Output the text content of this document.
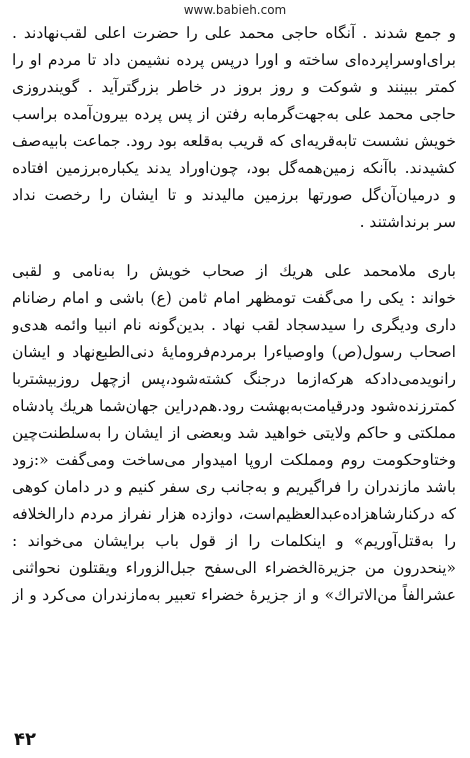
www.babieh.com
و جمع شدند . آنگاه حاجی محمد علی را حضرت اعلی لقب‌نهادند .
برای‌اوسراپرده‌ای ساخته و اورا درپس پرده نشیمن داد تا مردم او را
کمتر ببینند و شوکت و روز بروز در خاطر بزرگترآید . گویندروزی
حاجی محمد علی به‌جهت‌گرمابه رفتن از پس پرده بیرون‌آمده براسب
خویش نشست تابه‌قریه‌ای که قریب به‌قلعه بود رود. جماعت بابیه‌صف
کشیدند. باآنکه زمین‌همه‌گل بود، چون‌اوراد یدند یکباره‌برزمین افتاده
و درمیان‌آن‌گل صورتها برزمین مالیدند و تا ایشان را رخصت نداد
سر برنداشتند .
باری ملامحمد علی هریك از صحاب خویش را به‌نامی و لقبی
خواند : یکی را می‌گفت تومظهر امام ثامن (ع) باشی و امام رضانام
داری ودیگری را سیدسجاد لقب نهاد . بدین‌گونه نام انبیا وائمه هدی‌و
اصحاب رسول(ص) واوصیاءرا برمردم‌فرومایۀ دنی‌الطبع‌نهاد و ایشان
رانویدمی‌دادکه هرکه‌ازما درجنگ کشته‌شود،پس ازچهل روزبیشتربا
کمترزنده‌شود ودرقیامت‌به‌بهشت رود.هم‌دراین جهان‌شما هریك پادشاه
مملکتی و حاکم ولایتی خواهید شد وبعضی از ایشان را به‌سلطنت‌چین
وختاوحکومت روم ومملکت اروپا امیدوار می‌ساخت ومی‌گفت «:زود
باشد مازندران را فراگیریم و به‌جانب ری سفر کنیم و در دامان کوهی
که درکنارشاهزاده‌عبدالعظیم‌است، دوازده هزار نفراز مردم دارالخلافه
را به‌قتل‌آوریم» و اینکلمات را از قول باب برایشان می‌خواند :
«ینحدرون من جزیرة‌الخضراء الی‌سفح جبل‌الزوراء ویقتلون نحواثنی
عشرالفاً من‌الاتراك» و از جزیرۀ خضراء تعبیر به‌مازندران می‌کرد و از
۴۲
